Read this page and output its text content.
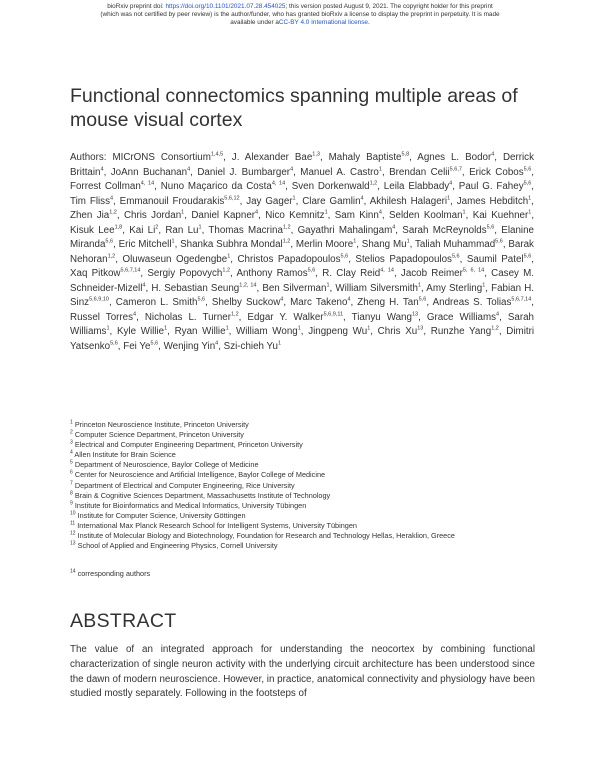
bioRxiv preprint doi: https://doi.org/10.1101/2021.07.28.454025; this version posted August 9, 2021. The copyright holder for this preprint
(which was not certified by peer review) is the author/funder, who has granted bioRxiv a license to display the preprint in perpetuity. It is made
available under aCC-BY 4.0 International license.
Functional connectomics spanning multiple areas of mouse visual cortex
Authors: MICrONS Consortium$^{1,4,5}$, J. Alexander Bae$^{1,3}$, Mahaly Baptiste$^{5,8}$, Agnes L. Bodor$^4$, Derrick Brittain$^4$, JoAnn Buchanan$^4$, Daniel J. Bumbarger$^4$, Manuel A. Castro$^1$, Brendan Celii$^{5,6,7}$, Erick Cobos$^{5,6}$, Forrest Collman$^{4, 14}$, Nuno Maçarico da Costa$^{4, 14}$, Sven Dorkenwald$^{1,2}$, Leila Elabbady$^4$, Paul G. Fahey$^{5,6}$, Tim Fliss$^4$, Emmanouil Froudarakis$^{5,6,12}$, Jay Gager$^1$, Clare Gamlin$^4$, Akhilesh Halageri$^1$, James Hebditch$^1$, Zhen Jia$^{1,2}$, Chris Jordan$^1$, Daniel Kapner$^4$, Nico Kemnitz$^1$, Sam Kinn$^4$, Selden Koolman$^1$, Kai Kuehner$^1$, Kisuk Lee$^{1,8}$, Kai Li$^2$, Ran Lu$^1$, Thomas Macrina$^{1,2}$, Gayathri Mahalingam$^4$, Sarah McReynolds$^{5,6}$, Elanine Miranda$^{5,6}$, Eric Mitchell$^1$, Shanka Subhra Mondal$^{1,2}$, Merlin Moore$^1$, Shang Mu$^1$, Taliah Muhammad$^{5,6}$, Barak Nehoran$^{1,2}$, Oluwaseun Ogedengbe$^1$, Christos Papadopoulos$^{5,6}$, Stelios Papadopoulos$^{5,6}$, Saumil Patel$^{5,6}$, Xaq Pitkow$^{5,6,7,14}$, Sergiy Popovych$^{1,2}$, Anthony Ramos$^{5,6}$, R. Clay Reid$^{4, 14}$, Jacob Reimer$^{5, 6, 14}$, Casey M. Schneider-Mizell$^4$, H. Sebastian Seung$^{1,2, 14}$, Ben Silverman$^1$, William Silversmith$^1$, Amy Sterling$^1$, Fabian H. Sinz$^{5,6,9,10}$, Cameron L. Smith$^{5,6}$, Shelby Suckow$^4$, Marc Takeno$^4$, Zheng H. Tan$^{5,6}$, Andreas S. Tolias$^{5,6,7,14}$, Russel Torres$^4$, Nicholas L. Turner$^{1,2}$, Edgar Y. Walker$^{5,6,9,11}$, Tianyu Wang$^{13}$, Grace Williams$^4$, Sarah Williams$^1$, Kyle Willie$^1$, Ryan Willie$^1$, William Wong$^1$, Jingpeng Wu$^1$, Chris Xu$^{13}$, Runzhe Yang$^{1,2}$, Dimitri Yatsenko$^{5,6}$, Fei Ye$^{5,6}$, Wenjing Yin$^4$, Szi-chieh Yu$^1$
$^1$ Princeton Neuroscience Institute, Princeton University
$^2$ Computer Science Department, Princeton University
$^3$ Electrical and Computer Engineering Department, Princeton University
$^4$ Allen Institute for Brain Science
$^5$ Department of Neuroscience, Baylor College of Medicine
$^6$ Center for Neuroscience and Artificial Intelligence, Baylor College of Medicine
$^7$ Department of Electrical and Computer Engineering, Rice University
$^8$ Brain & Cognitive Sciences Department, Massachusetts Institute of Technology
$^9$ Institute for Bioinformatics and Medical Informatics, University Tübingen
$^{10}$ Institute for Computer Science, University Göttingen
$^{11}$ International Max Planck Research School for Intelligent Systems, University Tübingen
$^{12}$ Institute of Molecular Biology and Biotechnology, Foundation for Research and Technology Hellas, Heraklion, Greece
$^{13}$ School of Applied and Engineering Physics, Cornell University
$^{14}$ corresponding authors
ABSTRACT

The value of an integrated approach for understanding the neocortex by combining functional characterization of single neuron activity with the underlying circuit architecture has been understood since the dawn of modern neuroscience. However, in practice, anatomical connectivity and physiology have been studied mostly separately. Following in the footsteps of
